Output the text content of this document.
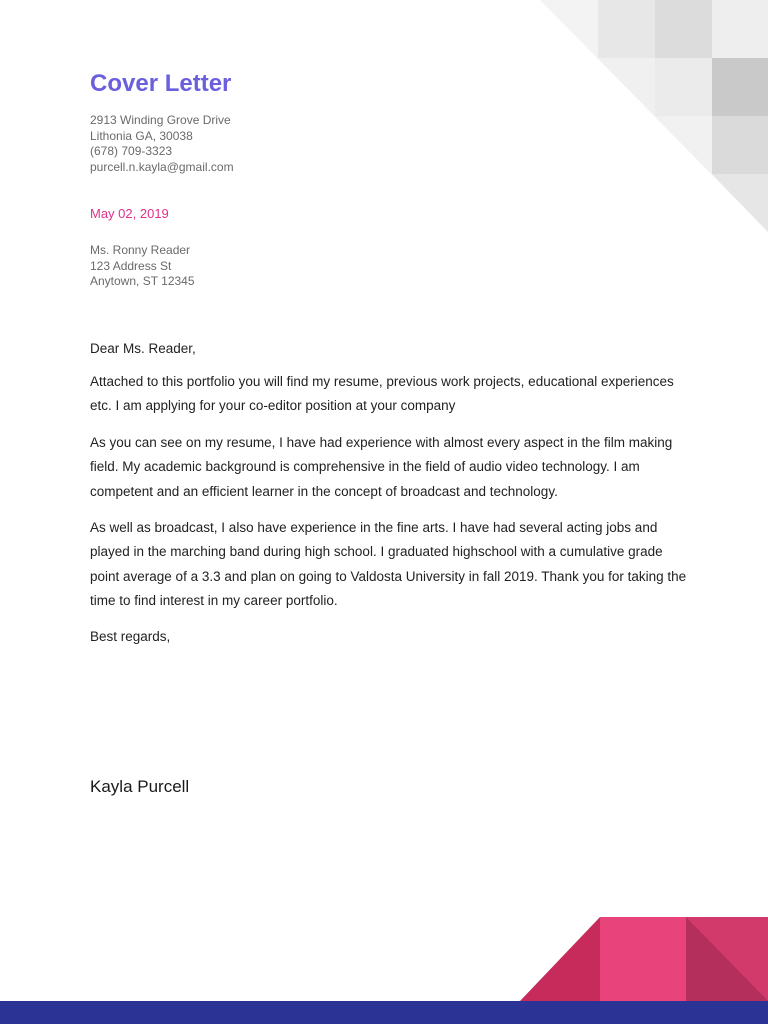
Cover Letter
2913 Winding Grove Drive
Lithonia GA, 30038
(678) 709-3323
purcell.n.kayla@gmail.com
May 02, 2019
Ms. Ronny Reader
123 Address St
Anytown, ST 12345

Dear Ms. Reader,

Attached to this portfolio you will find my resume, previous work projects, educational experiences etc. I am applying for your co-editor position at your company

As you can see on my resume, I have had experience with almost every aspect in the film making field. My academic background is comprehensive in the field of audio video technology. I am competent and an efficient learner in the concept of broadcast and technology.

As well as broadcast, I also have experience in the fine arts. I have had several acting jobs and played in the marching band during high school. I graduated highschool with a cumulative grade point average of a 3.3 and plan on going to Valdosta University in fall 2019. Thank you for taking the time to find interest in my career portfolio.

Best regards,

Kayla Purcell
